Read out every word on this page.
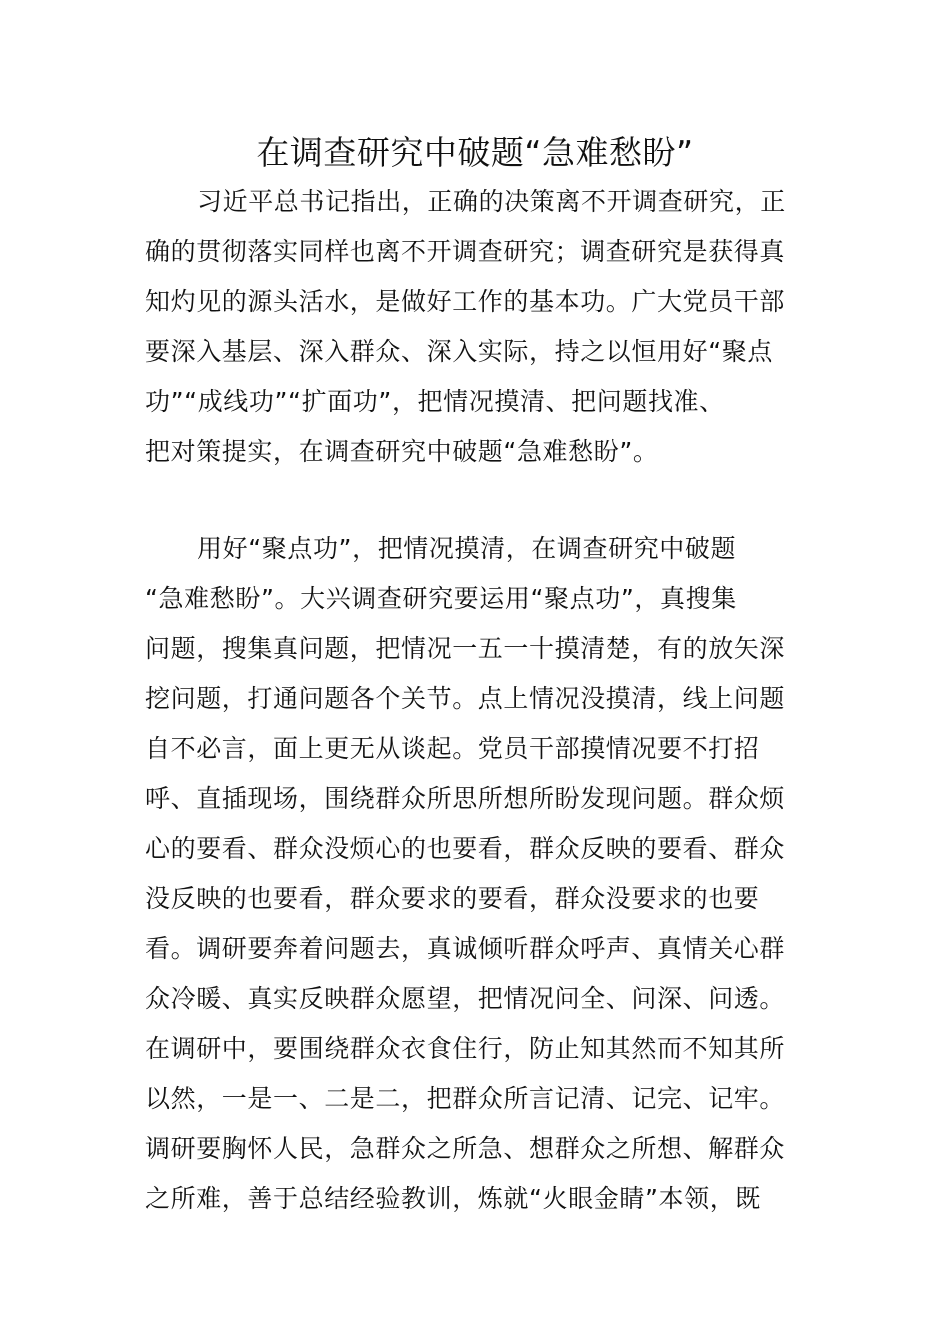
在调查研究中破题“急难愁盼”
习近平总书记指出，正确的决策离不开调查研究，正
确的贯彻落实同样也离不开调查研究；调查研究是获得真
知灼见的源头活水，是做好工作的基本功。广大党员干部
要深入基层、深入群众、深入实际，持之以恒用好“聚点
功”“成线功”“扩面功”，把情况摸清、把问题找准、
把对策提实，在调查研究中破题“急难愁盼”。
用好“聚点功”，把情况摸清，在调查研究中破题
“急难愁盼”。大兴调查研究要运用“聚点功”，真搜集
问题，搜集真问题，把情况一五一十摸清楚，有的放矢深
挖问题，打通问题各个关节。点上情况没摸清，线上问题
自不必言，面上更无从谈起。党员干部摸情况要不打招
呼、直插现场，围绕群众所思所想所盼发现问题。群众烦
心的要看、群众没烦心的也要看，群众反映的要看、群众
没反映的也要看，群众要求的要看，群众没要求的也要
看。调研要奔着问题去，真诚倾听群众呼声、真情关心群
众冷暖、真实反映群众愿望，把情况问全、问深、问透。
在调研中，要围绕群众衣食住行，防止知其然而不知其所
以然，一是一、二是二，把群众所言记清、记完、记牢。
调研要胸怀人民，急群众之所急、想群众之所想、解群众
之所难，善于总结经验教训，炼就“火眼金睛”本领，既
